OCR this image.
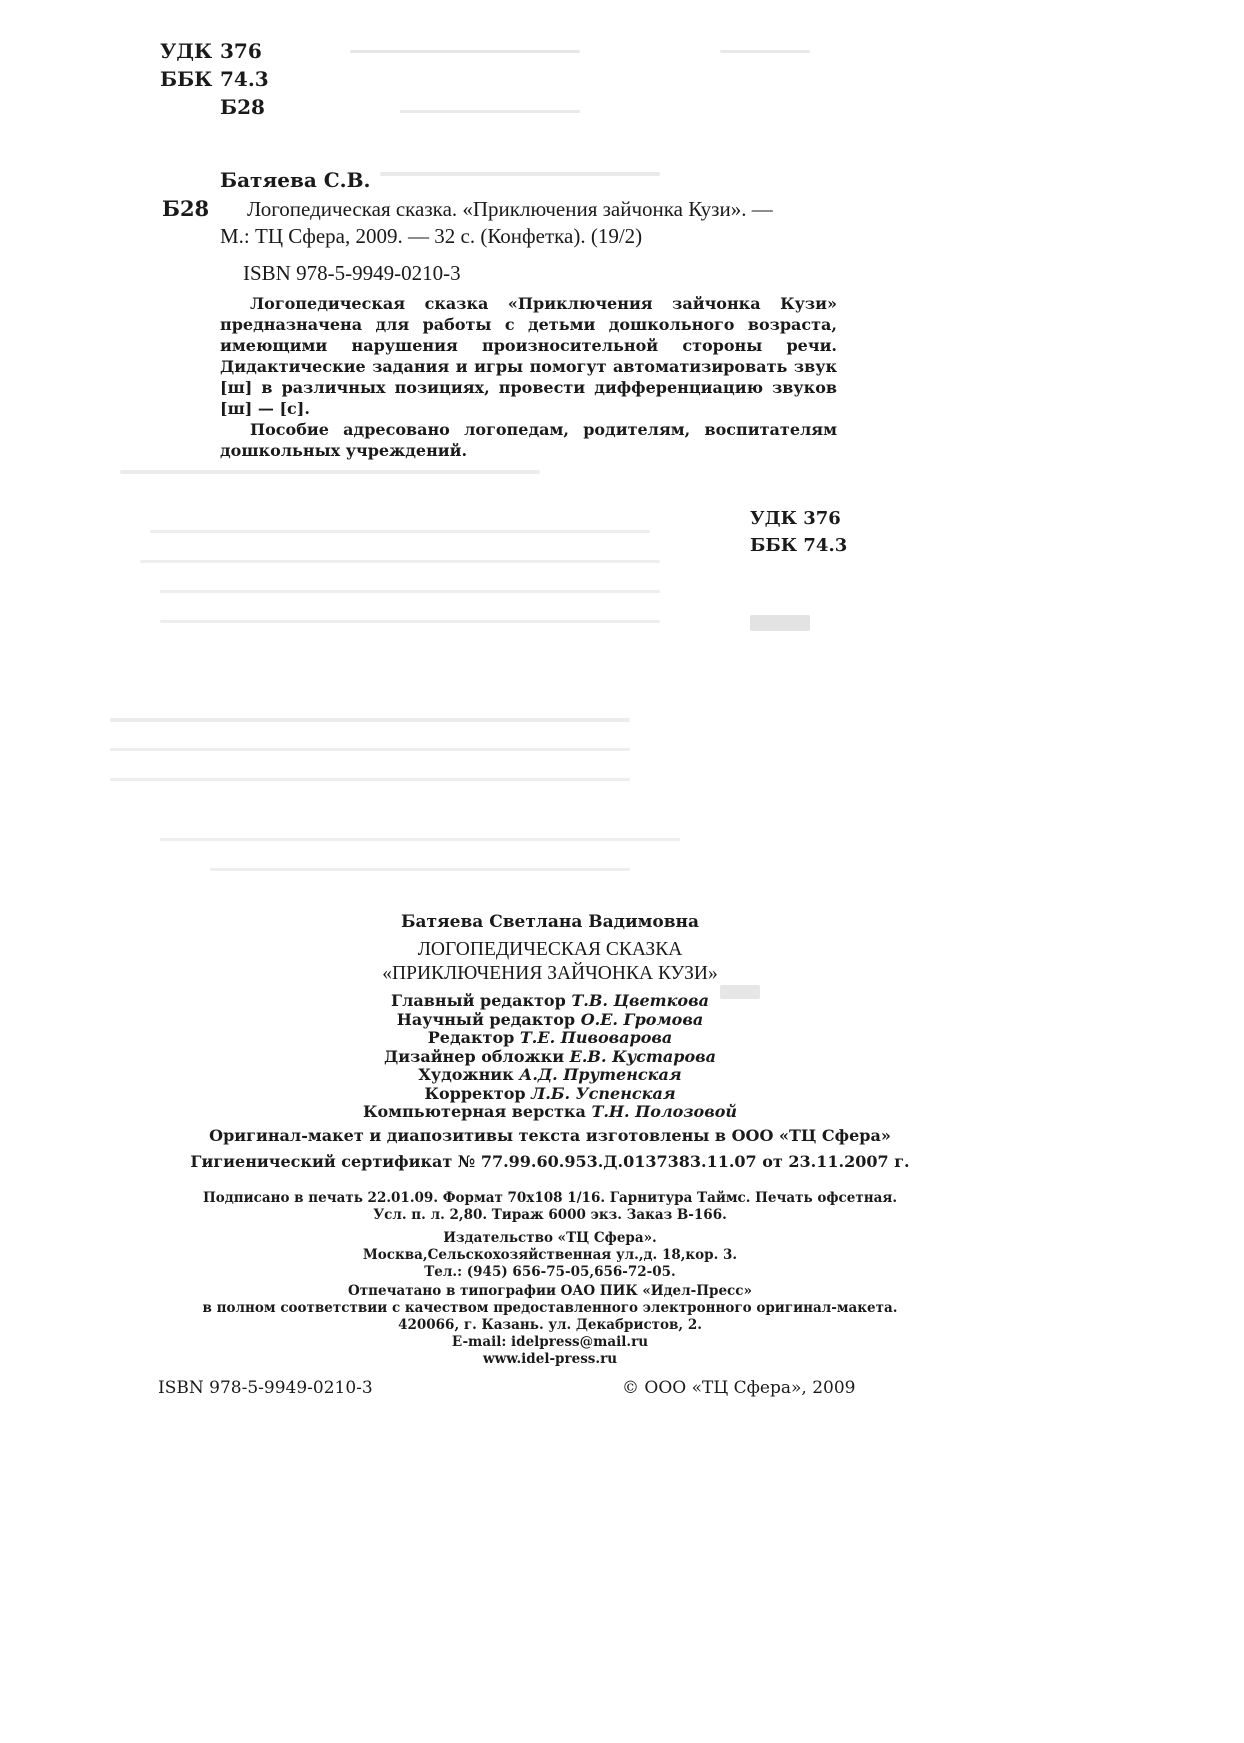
УДК 376
ББК 74.3
Б28
Батяева С.В.
Б28 Логопедическая сказка. «Приключения зайчонка Кузи». —
М.: ТЦ Сфера, 2009. — 32 с. (Конфетка). (19/2)
ISBN 978-5-9949-0210-3

Логопедическая сказка «Приключения зайчонка Кузи» предназначена для работы с детьми дошкольного возраста, имеющими нарушения произносительной стороны речи. Дидактические задания и игры помогут автоматизировать звук [ш] в различных позициях, провести дифференциацию звуков [ш] — [с].

Пособие адресовано логопедам, родителям, воспитателям дошкольных учреждений.

УДК 376
ББК 74.3
Батяева Светлана Вадимовна
ЛОГОПЕДИЧЕСКАЯ СКАЗКА
«ПРИКЛЮЧЕНИЯ ЗАЙЧОНКА КУЗИ»
Главный редактор Т.В. Цветкова
Научный редактор О.Е. Громова
Редактор Т.Е. Пивоварова
Дизайнер обложки Е.В. Кустарова
Художник А.Д. Прутенская
Корректор Л.Б. Успенская
Компьютерная верстка Т.Н. Полозовой
Оригинал-макет и диапозитивы текста изготовлены в ООО «ТЦ Сфера»
Гигиенический сертификат № 77.99.60.953.Д.0137383.11.07 от 23.11.2007 г.
Подписано в печать 22.01.09. Формат 70x108 1/16. Гарнитура Таймс. Печать офсетная.
Усл. п. л. 2,80. Тираж 6000 экз. Заказ В-166.
Издательство «ТЦ Сфера».
Москва,Сельскохозяйственная ул.,д. 18,кор. 3.
Тел.: (945) 656-75-05,656-72-05.
Отпечатано в типографии ОАО ПИК «Идел-Пресс»
в полном соответствии с качеством предоставленного электронного оригинал-макета.
420066, г. Казань. ул. Декабристов, 2.
E-mail: idelpress@mail.ru
www.idel-press.ru
ISBN 978-5-9949-0210-3	© ООО «ТЦ Сфера», 2009
